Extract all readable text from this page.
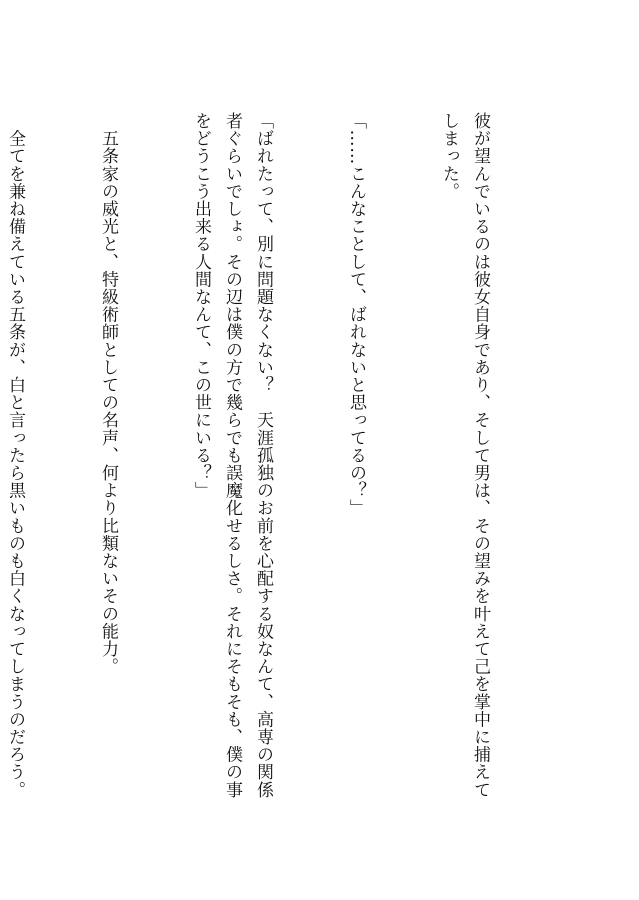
彼が望んでいるのは彼女自身であり、そして男は、その望みを叶えて己を掌中に捕えてしまった。

「……こんなことして、ばれないと思ってるの？」

「ばれたって、別に問題なくない？　天涯孤独のお前を心配する奴なんて、高専の関係者ぐらいでしょ。その辺は僕の方で幾らでも誤魔化せるしさ。それにそもそも、僕の事をどうこう出来る人間なんて、この世にいる？」

　五条家の威光と、特級術師としての名声、何より比類ないその能力。

　全てを兼ね備えている五条が、白と言ったら黒いものも白くなってしまうのだろう。
